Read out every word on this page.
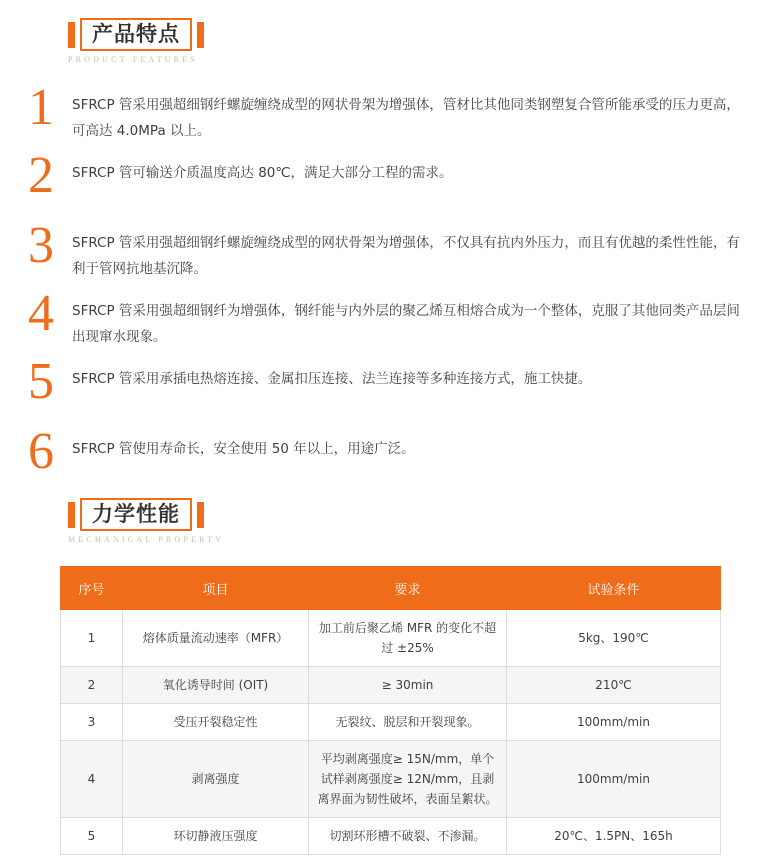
产品特点
PRODUCT FEATURES
1	SFRCP 管采用强超细钢纤螺旋缠绕成型的网状骨架为增强体，管材比其他同类钢塑复合管所能承受的压力更高，可高达 4.0MPa 以上。
2	SFRCP 管可输送介质温度高达 80℃，满足大部分工程的需求。
3	SFRCP 管采用强超细钢纤螺旋缠绕成型的网状骨架为增强体，不仅具有抗内外压力，而且有优越的柔性性能，有利于管网抗地基沉降。
4	SFRCP 管采用强超细钢纤为增强体，钢纤能与内外层的聚乙烯互相熔合成为一个整体，克服了其他同类产品层间出现窜水现象。
5	SFRCP 管采用承插电热熔连接、金属扣压连接、法兰连接等多种连接方式，施工快捷。
6	SFRCP 管使用寿命长，安全使用 50 年以上，用途广泛。
力学性能
MECHANICAL PROPERTY
序号	项目	要求	试验条件
1	熔体质量流动速率（MFR）	加工前后聚乙烯 MFR 的变化不超过 ±25%	5kg、190℃
2	氧化诱导时间 (OIT)	≥ 30min	210℃
3	受压开裂稳定性	无裂纹、脱层和开裂现象。	100mm/min
4	剥离强度	平均剥离强度≥ 15N/mm，单个试样剥离强度≥ 12N/mm，且剥离界面为韧性破坏，表面呈絮状。	100mm/min
5	环切静液压强度	切割环形槽不破裂、不渗漏。	20℃、1.5PN、165h
